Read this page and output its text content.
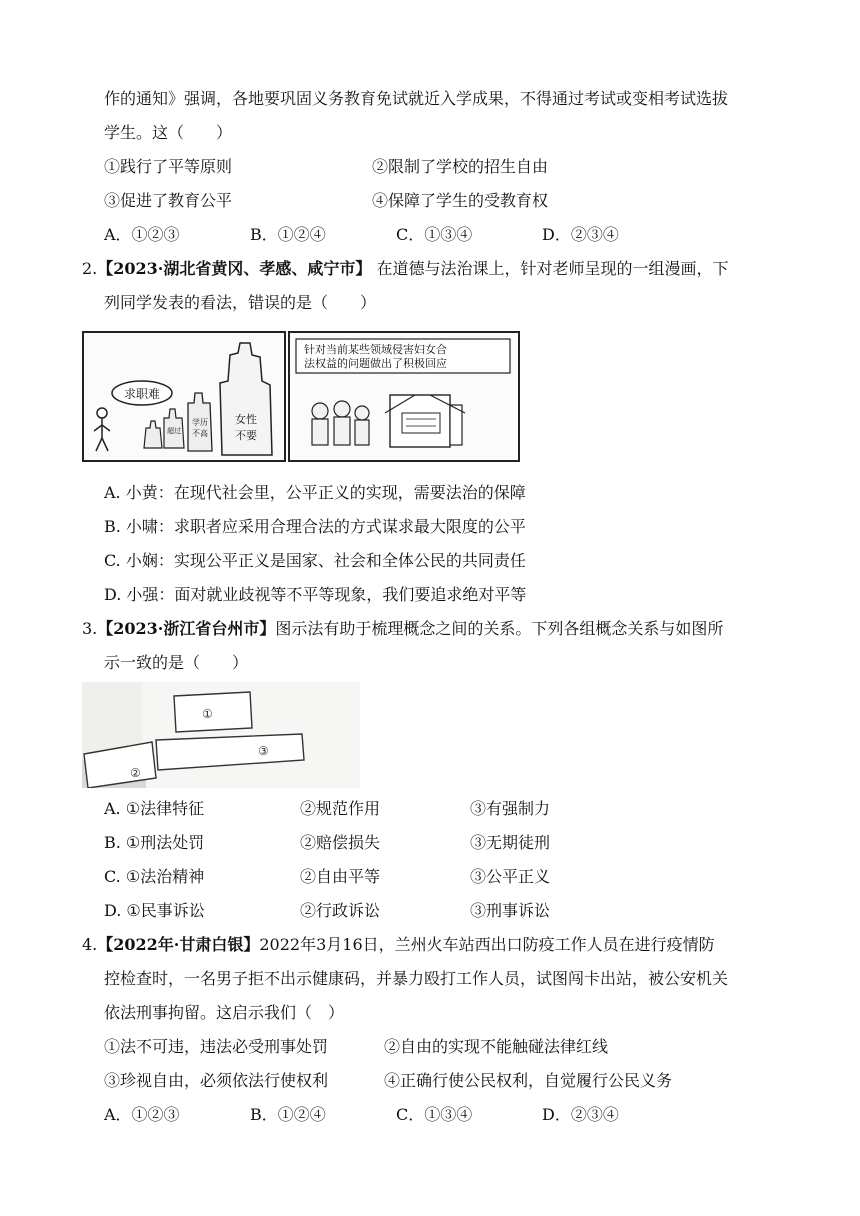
作的通知》强调，各地要巩固义务教育免试就近入学成果，不得通过考试或变相考试选拔
学生。这（　　）
①践行了平等原则	②限制了学校的招生自由
③促进了教育公平	④保障了学生的受教育权
A．①②③	B．①②④	C．①③④	D．②③④
2.【2023·湖北省黄冈、孝感、咸宁市】 在道德与法治课上，针对老师呈现的一组漫画，下
列同学发表的看法，错误的是（　　）
求职难
超过
学历
不高
女性
不要
针对当前某些领域侵害妇女合
法权益的问题做出了积极回应
A. 小黄：在现代社会里，公平正义的实现，需要法治的保障
B. 小啸：求职者应采用合理合法的方式谋求最大限度的公平
C. 小娴：实现公平正义是国家、社会和全体公民的共同责任
D. 小强：面对就业歧视等不平等现象，我们要追求绝对平等
3.【2023·浙江省台州市】图示法有助于梳理概念之间的关系。下列各组概念关系与如图所
示一致的是（　　）
①
②
③
A. ①法律特征	②规范作用	③有强制力
B. ①刑法处罚	②赔偿损失	③无期徒刑
C. ①法治精神	②自由平等	③公平正义
D. ①民事诉讼	②行政诉讼	③刑事诉讼
4.【2022年·甘肃白银】2022年3月16日，兰州火车站西出口防疫工作人员在进行疫情防
控检查时，一名男子拒不出示健康码，并暴力殴打工作人员，试图闯卡出站，被公安机关
依法刑事拘留。这启示我们（　）
①法不可违，违法必受刑事处罚	②自由的实现不能触碰法律红线
③珍视自由，必须依法行使权利	④正确行使公民权利，自觉履行公民义务
A．①②③	B．①②④	C．①③④	D．②③④
